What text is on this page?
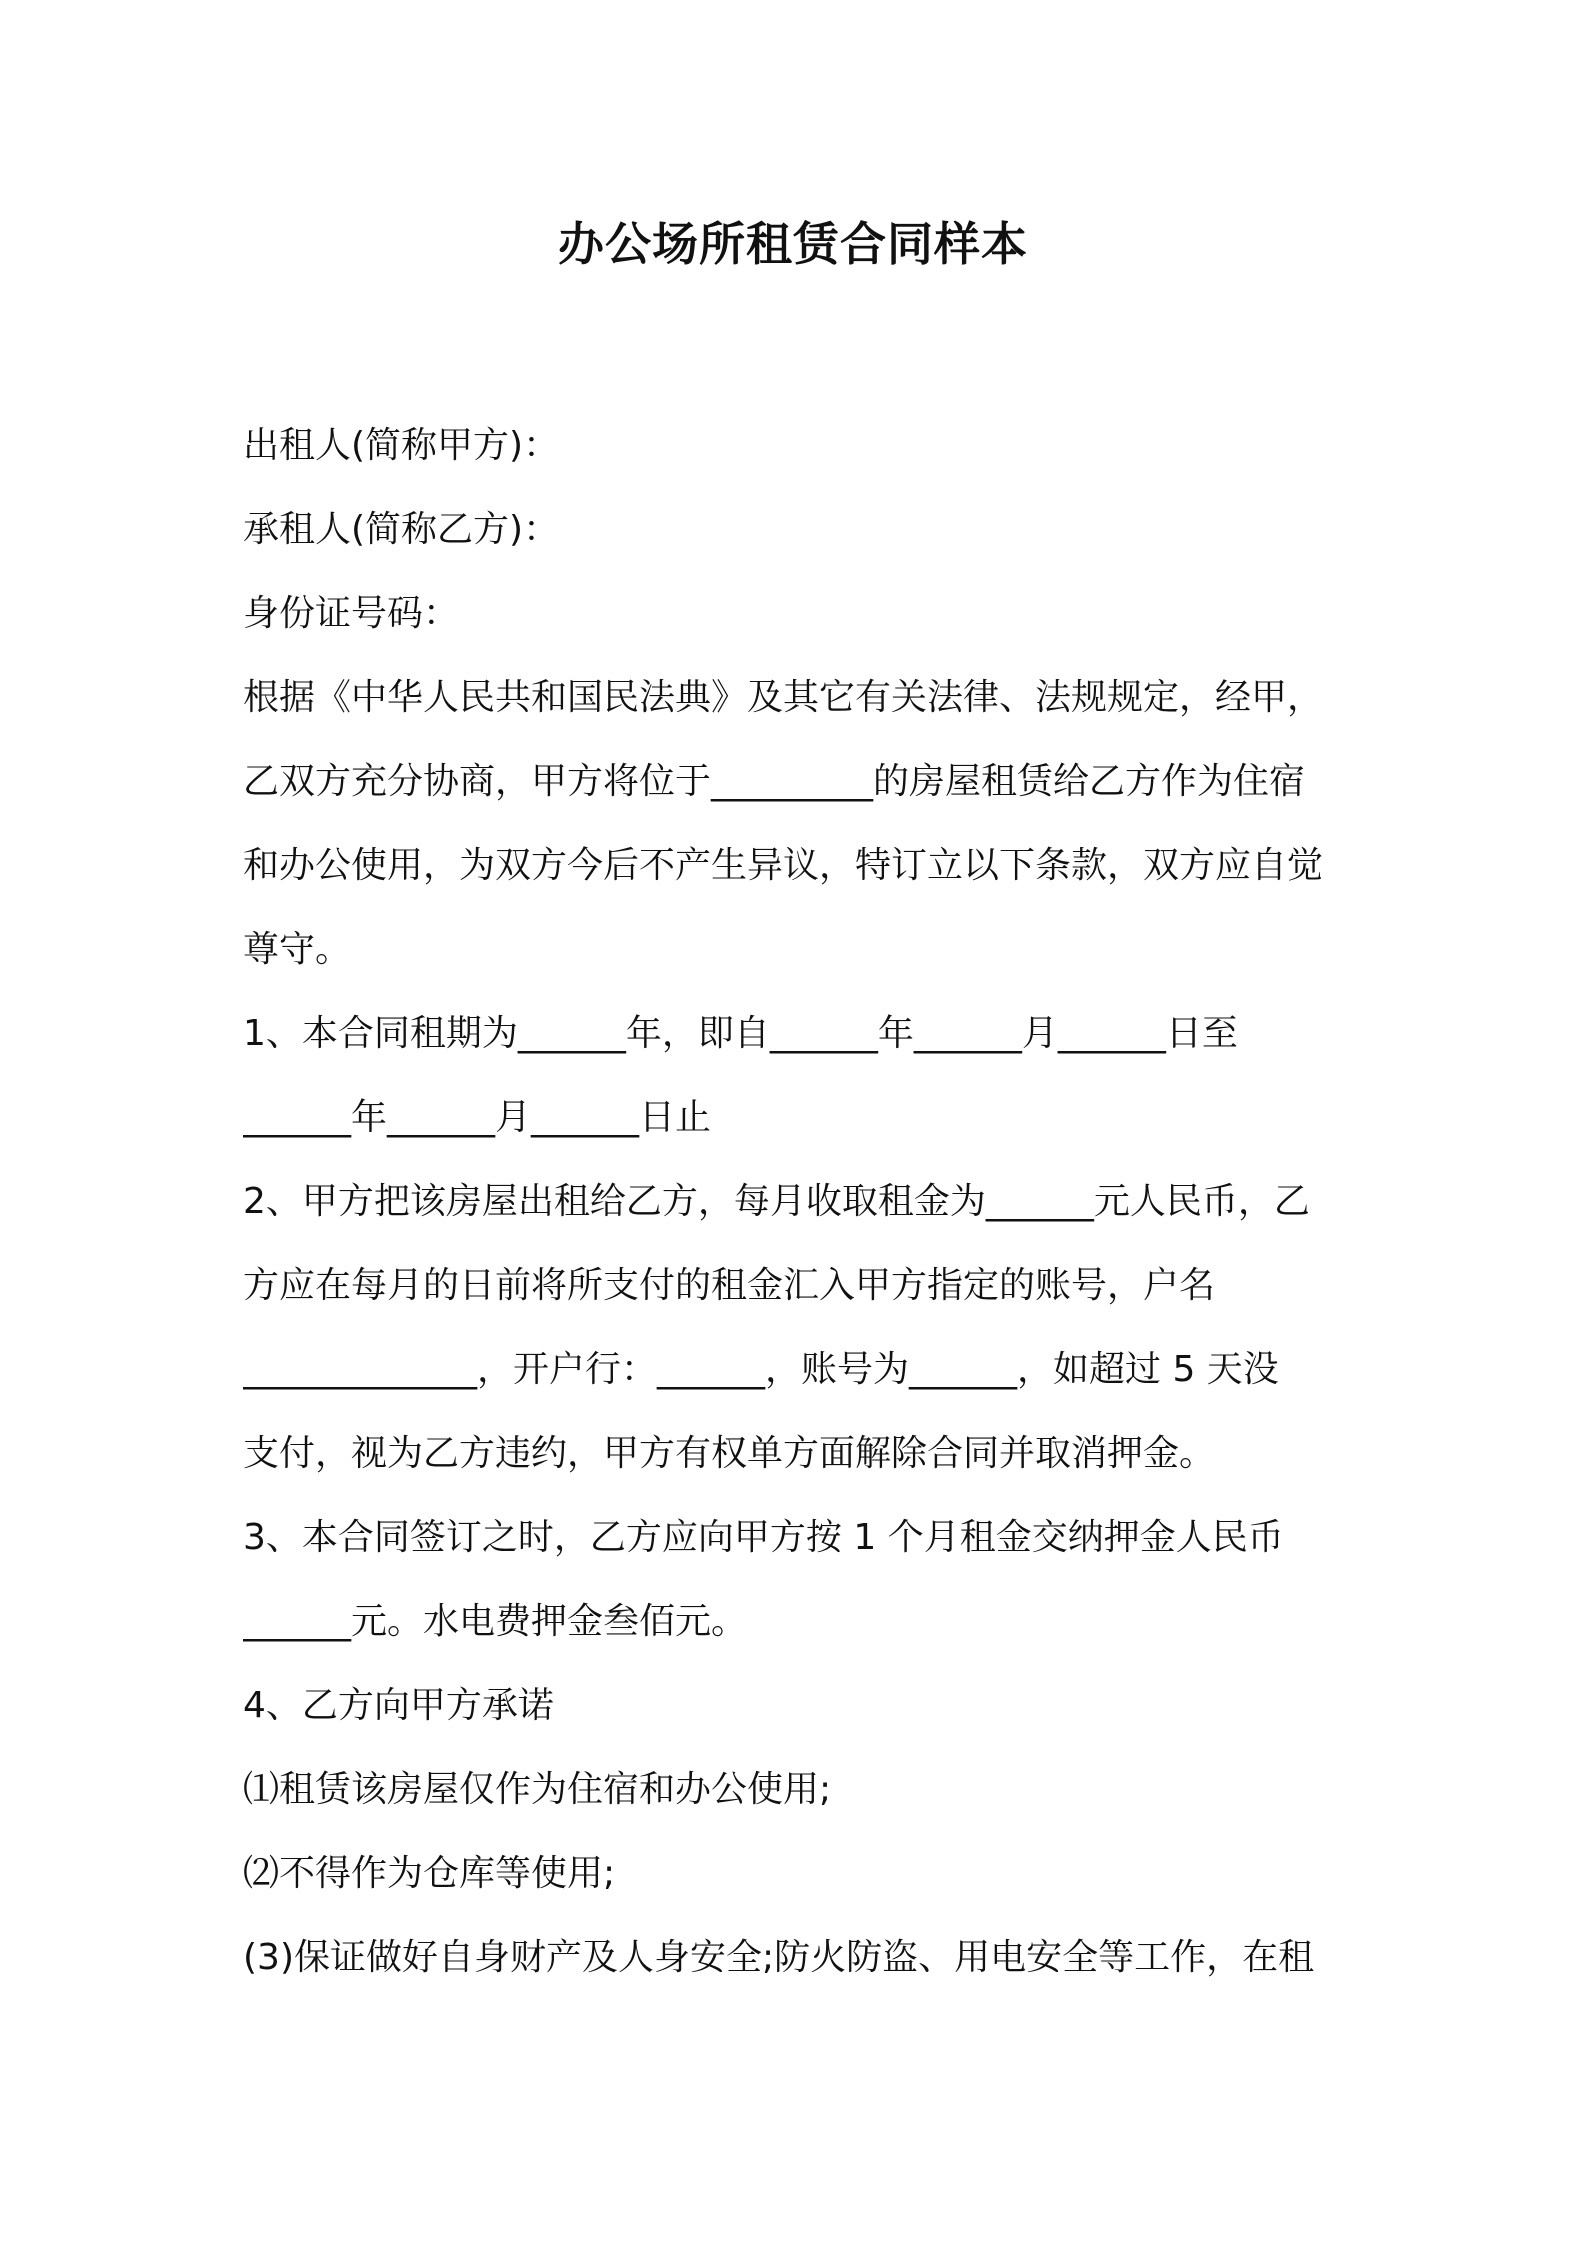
办公场所租赁合同样本
出租人(简称甲方)：
承租人(简称乙方)：
身份证号码：
根据《中华人民共和国民法典》及其它有关法律、法规规定，经甲，
乙双方充分协商，甲方将位于_________的房屋租赁给乙方作为住宿
和办公使用，为双方今后不产生异议，特订立以下条款，双方应自觉
尊守。
1、本合同租期为______年，即自______年______月______日至
______年______月______日止
2、甲方把该房屋出租给乙方，每月收取租金为______元人民币，乙
方应在每月的日前将所支付的租金汇入甲方指定的账号，户名
_____________，开户行：______，账号为______，如超过 5 天没
支付，视为乙方违约，甲方有权单方面解除合同并取消押金。
3、本合同签订之时，乙方应向甲方按 1 个月租金交纳押金人民币
______元。水电费押金叁佰元。
4、乙方向甲方承诺
⑴租赁该房屋仅作为住宿和办公使用;
⑵不得作为仓库等使用;
(3)保证做好自身财产及人身安全;防火防盗、用电安全等工作，在租
